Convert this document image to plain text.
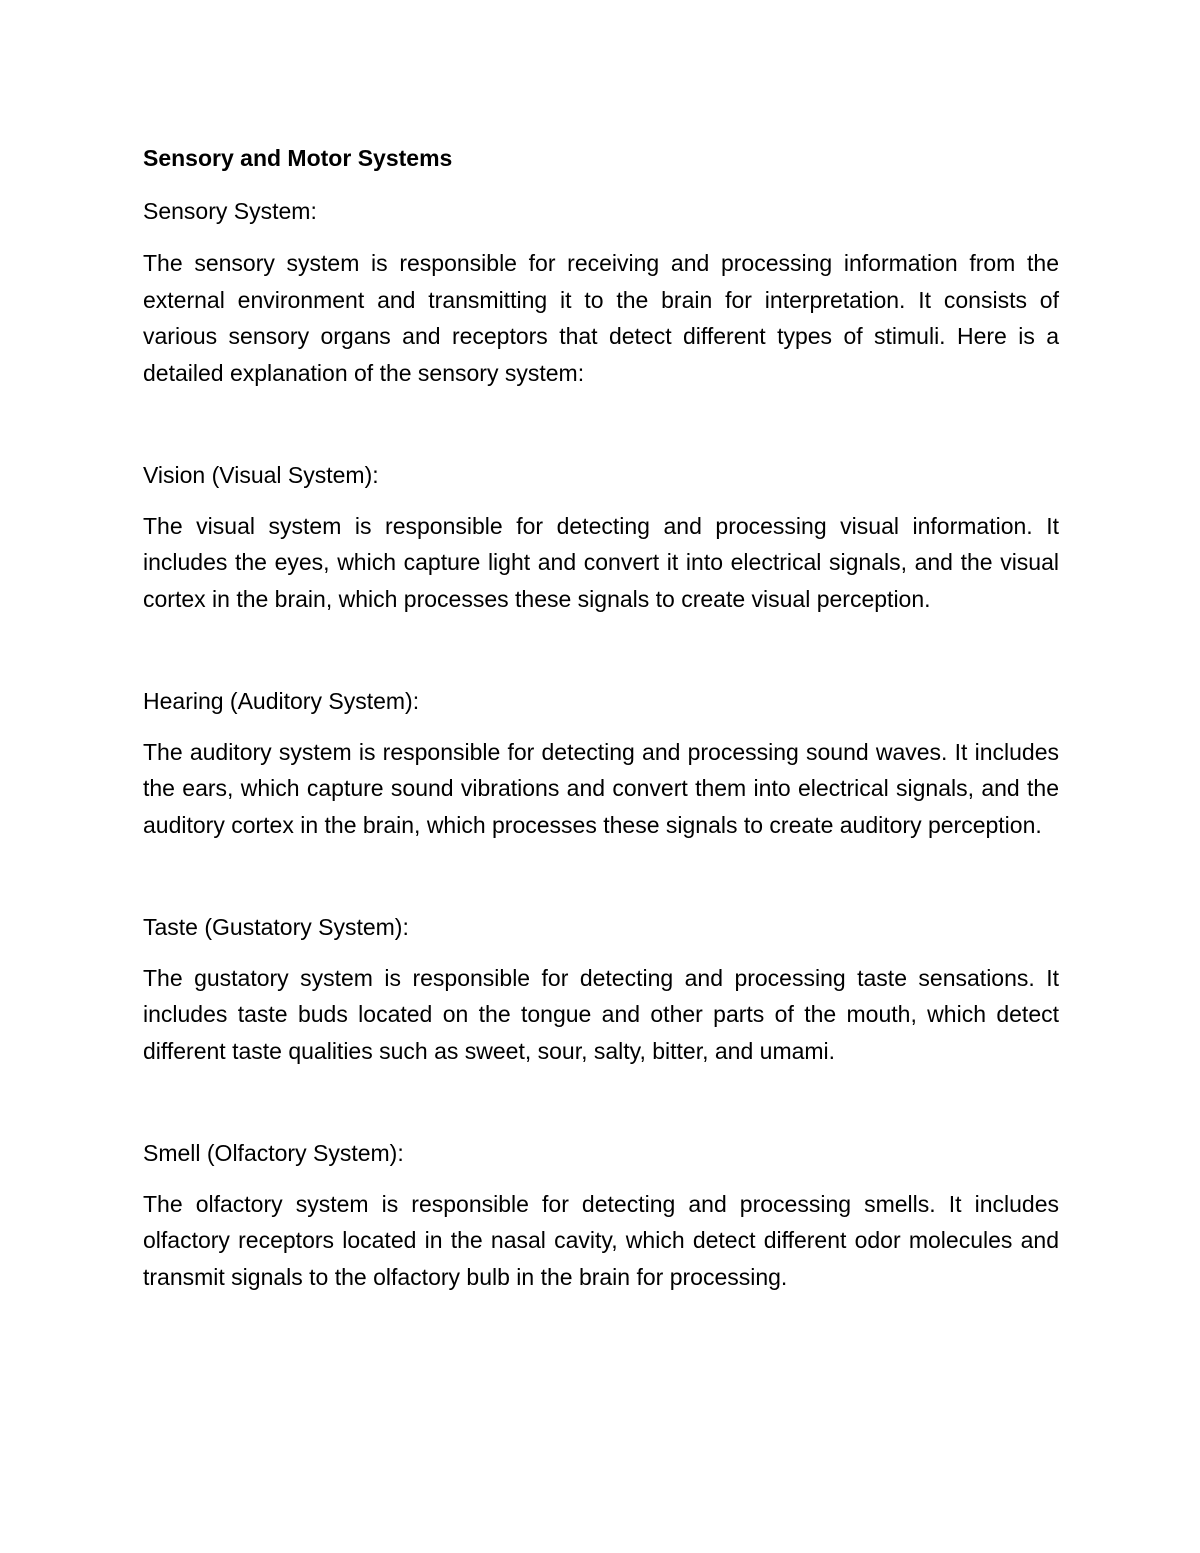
Sensory and Motor Systems
Sensory System:

The sensory system is responsible for receiving and processing information from the external environment and transmitting it to the brain for interpretation. It consists of various sensory organs and receptors that detect different types of stimuli. Here is a detailed explanation of the sensory system:

Vision (Visual System):

The visual system is responsible for detecting and processing visual information. It includes the eyes, which capture light and convert it into electrical signals, and the visual cortex in the brain, which processes these signals to create visual perception.

Hearing (Auditory System):

The auditory system is responsible for detecting and processing sound waves. It includes the ears, which capture sound vibrations and convert them into electrical signals, and the auditory cortex in the brain, which processes these signals to create auditory perception.

Taste (Gustatory System):

The gustatory system is responsible for detecting and processing taste sensations. It includes taste buds located on the tongue and other parts of the mouth, which detect different taste qualities such as sweet, sour, salty, bitter, and umami.

Smell (Olfactory System):

The olfactory system is responsible for detecting and processing smells. It includes olfactory receptors located in the nasal cavity, which detect different odor molecules and transmit signals to the olfactory bulb in the brain for processing.
